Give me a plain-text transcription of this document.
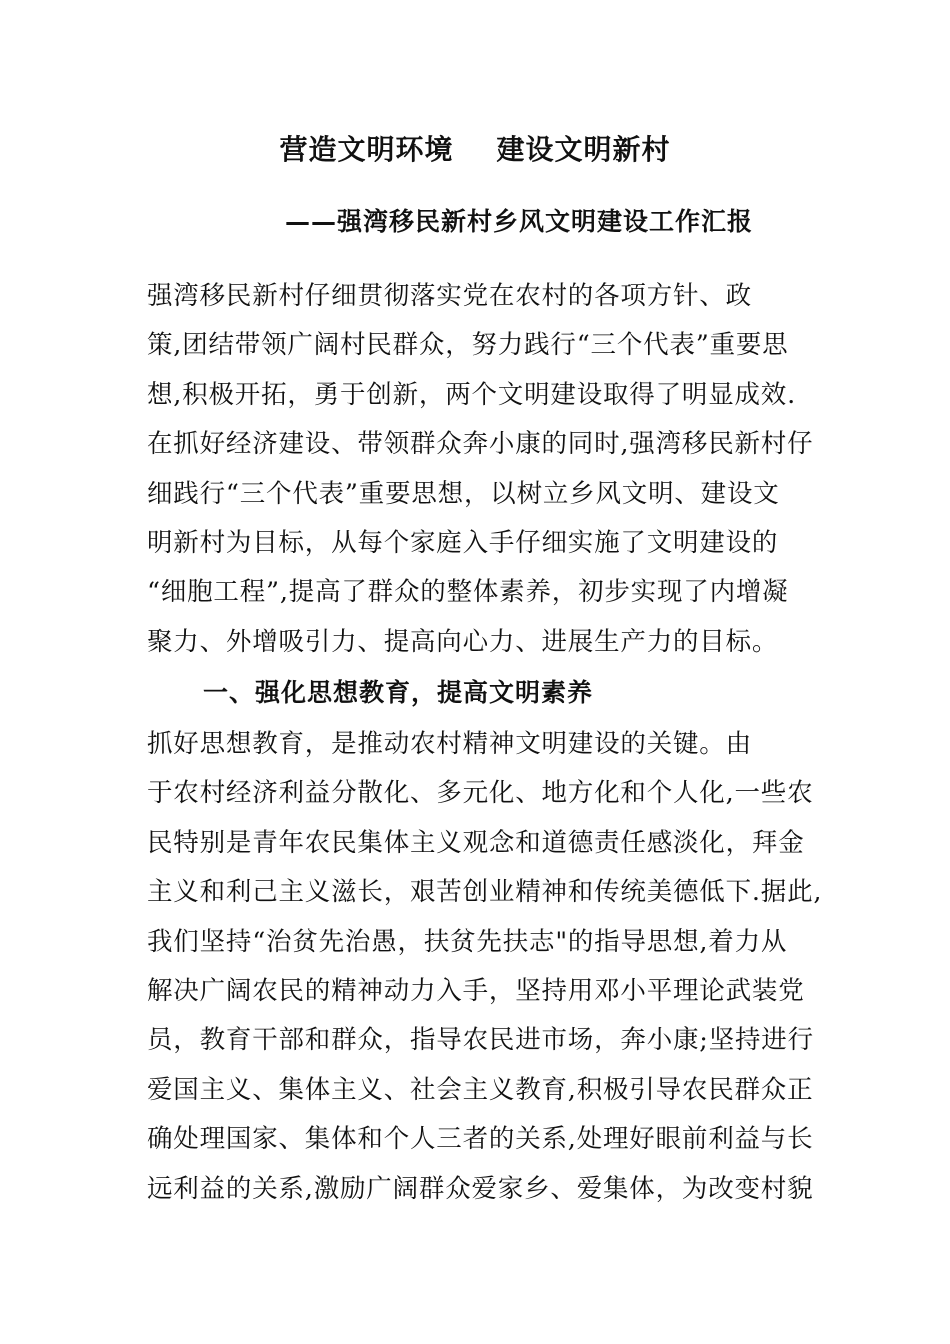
营造文明环境    建设文明新村
——强湾移民新村乡风文明建设工作汇报
强湾移民新村仔细贯彻落实党在农村的各项方针、政
策,团结带领广阔村民群众，努力践行“三个代表”重要思
想,积极开拓，勇于创新，两个文明建设取得了明显成效.
在抓好经济建设、带领群众奔小康的同时,强湾移民新村仔
细践行“三个代表”重要思想，以树立乡风文明、建设文
明新村为目标，从每个家庭入手仔细实施了文明建设的
“细胞工程”,提高了群众的整体素养，初步实现了内增凝
聚力、外增吸引力、提高向心力、进展生产力的目标。
一、强化思想教育，提高文明素养
抓好思想教育，是推动农村精神文明建设的关键。由
于农村经济利益分散化、多元化、地方化和个人化,一些农
民特别是青年农民集体主义观念和道德责任感淡化，拜金
主义和利己主义滋长，艰苦创业精神和传统美德低下.据此,
我们坚持“治贫先治愚，扶贫先扶志"的指导思想,着力从
解决广阔农民的精神动力入手，坚持用邓小平理论武装党
员，教育干部和群众，指导农民进市场，奔小康;坚持进行
爱国主义、集体主义、社会主义教育,积极引导农民群众正
确处理国家、集体和个人三者的关系,处理好眼前利益与长
远利益的关系,激励广阔群众爱家乡、爱集体，为改变村貌
